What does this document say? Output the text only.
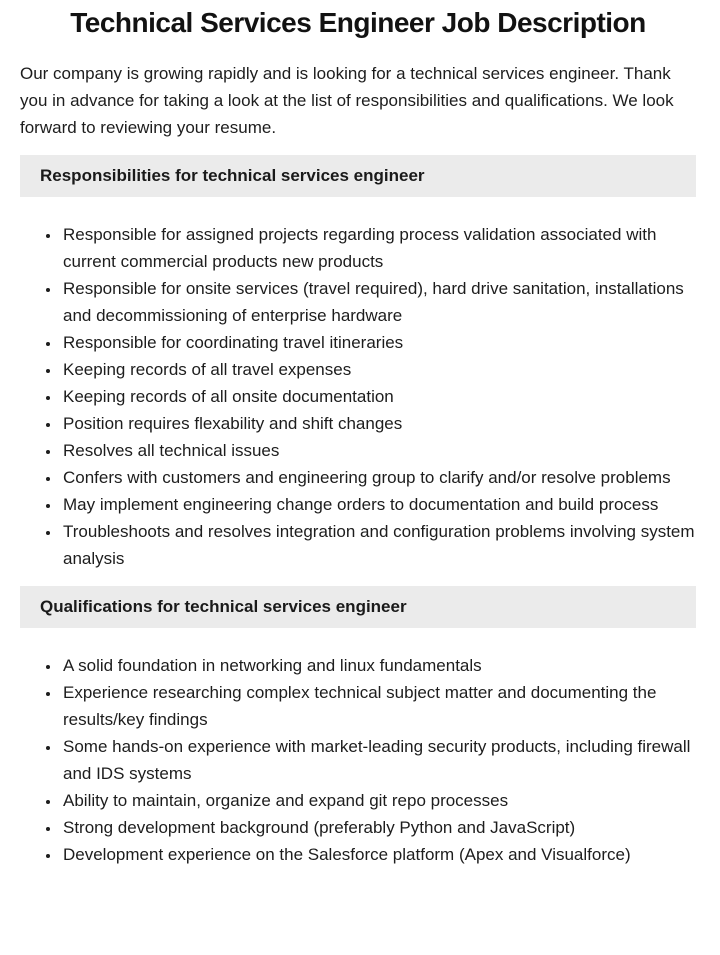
Technical Services Engineer Job Description

Our company is growing rapidly and is looking for a technical services engineer. Thank you in advance for taking a look at the list of responsibilities and qualifications. We look forward to reviewing your resume.

Responsibilities for technical services engineer
• Responsible for assigned projects regarding process validation associated with current commercial products new products
• Responsible for onsite services (travel required), hard drive sanitation, installations and decommissioning of enterprise hardware
• Responsible for coordinating travel itineraries
• Keeping records of all travel expenses
• Keeping records of all onsite documentation
• Position requires flexability and shift changes
• Resolves all technical issues
• Confers with customers and engineering group to clarify and/or resolve problems
• May implement engineering change orders to documentation and build process
• Troubleshoots and resolves integration and configuration problems involving system analysis
Qualifications for technical services engineer
• A solid foundation in networking and linux fundamentals
• Experience researching complex technical subject matter and documenting the results/key findings
• Some hands-on experience with market-leading security products, including firewall and IDS systems
• Ability to maintain, organize and expand git repo processes
• Strong development background (preferably Python and JavaScript)
• Development experience on the Salesforce platform (Apex and Visualforce)
